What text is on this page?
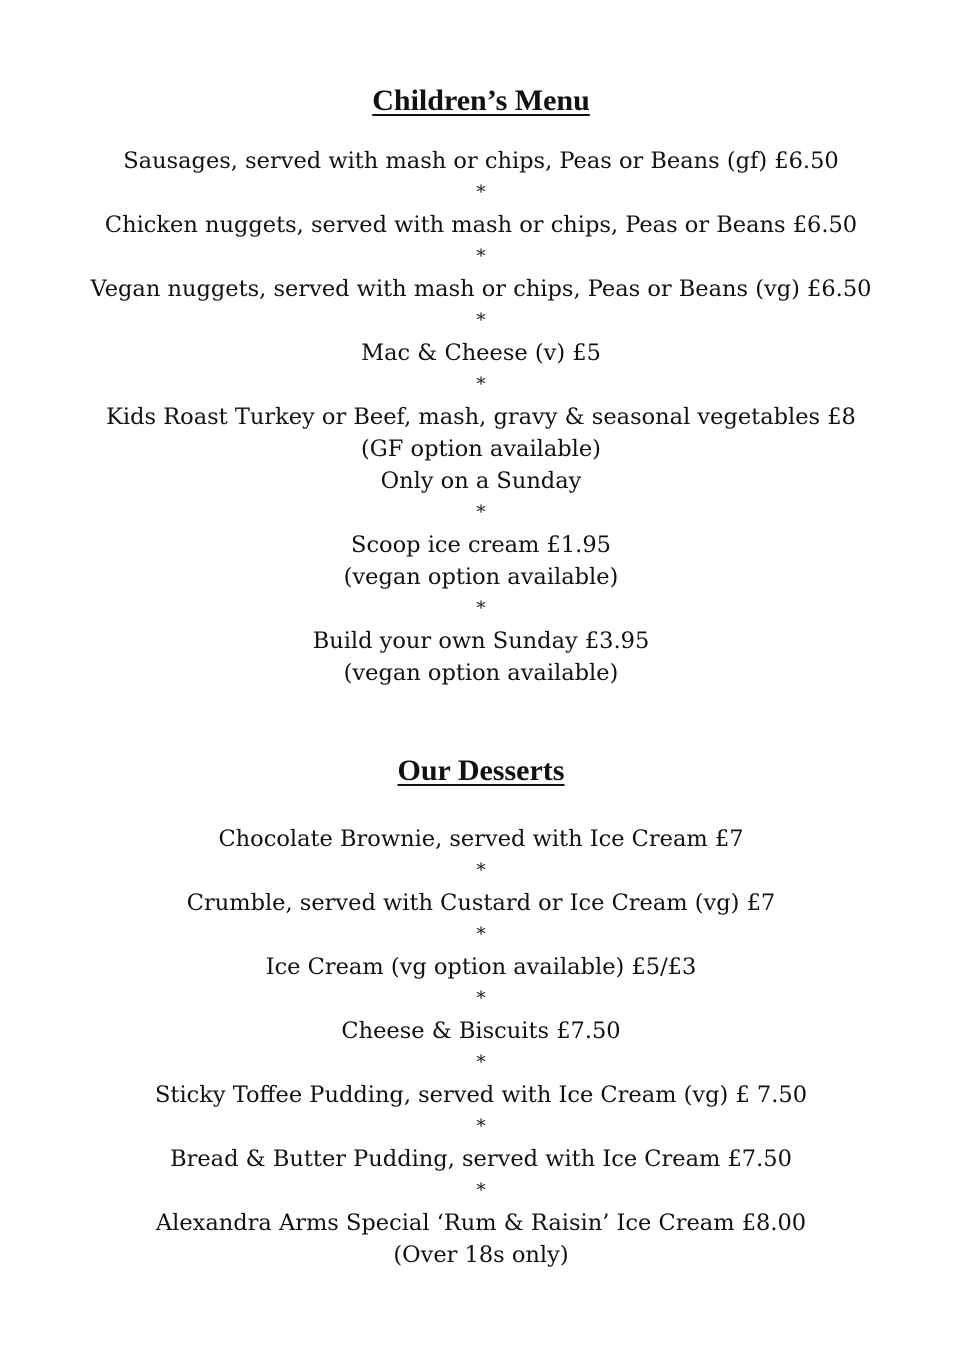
Children’s Menu
Sausages, served with mash or chips, Peas or Beans (gf) £6.50
*
Chicken nuggets, served with mash or chips, Peas or Beans £6.50
*
Vegan nuggets, served with mash or chips, Peas or Beans (vg) £6.50
*
Mac & Cheese (v) £5
*
Kids Roast Turkey or Beef, mash, gravy & seasonal vegetables £8
(GF option available)
Only on a Sunday
*
Scoop ice cream £1.95
(vegan option available)
*
Build your own Sunday £3.95
(vegan option available)
Our Desserts
Chocolate Brownie, served with Ice Cream £7
*
Crumble, served with Custard or Ice Cream (vg) £7
*
Ice Cream (vg option available) £5/£3
*
Cheese & Biscuits £7.50
*
Sticky Toffee Pudding, served with Ice Cream (vg) £ 7.50
*
Bread & Butter Pudding, served with Ice Cream £7.50
*
Alexandra Arms Special ‘Rum & Raisin’ Ice Cream £8.00
(Over 18s only)
